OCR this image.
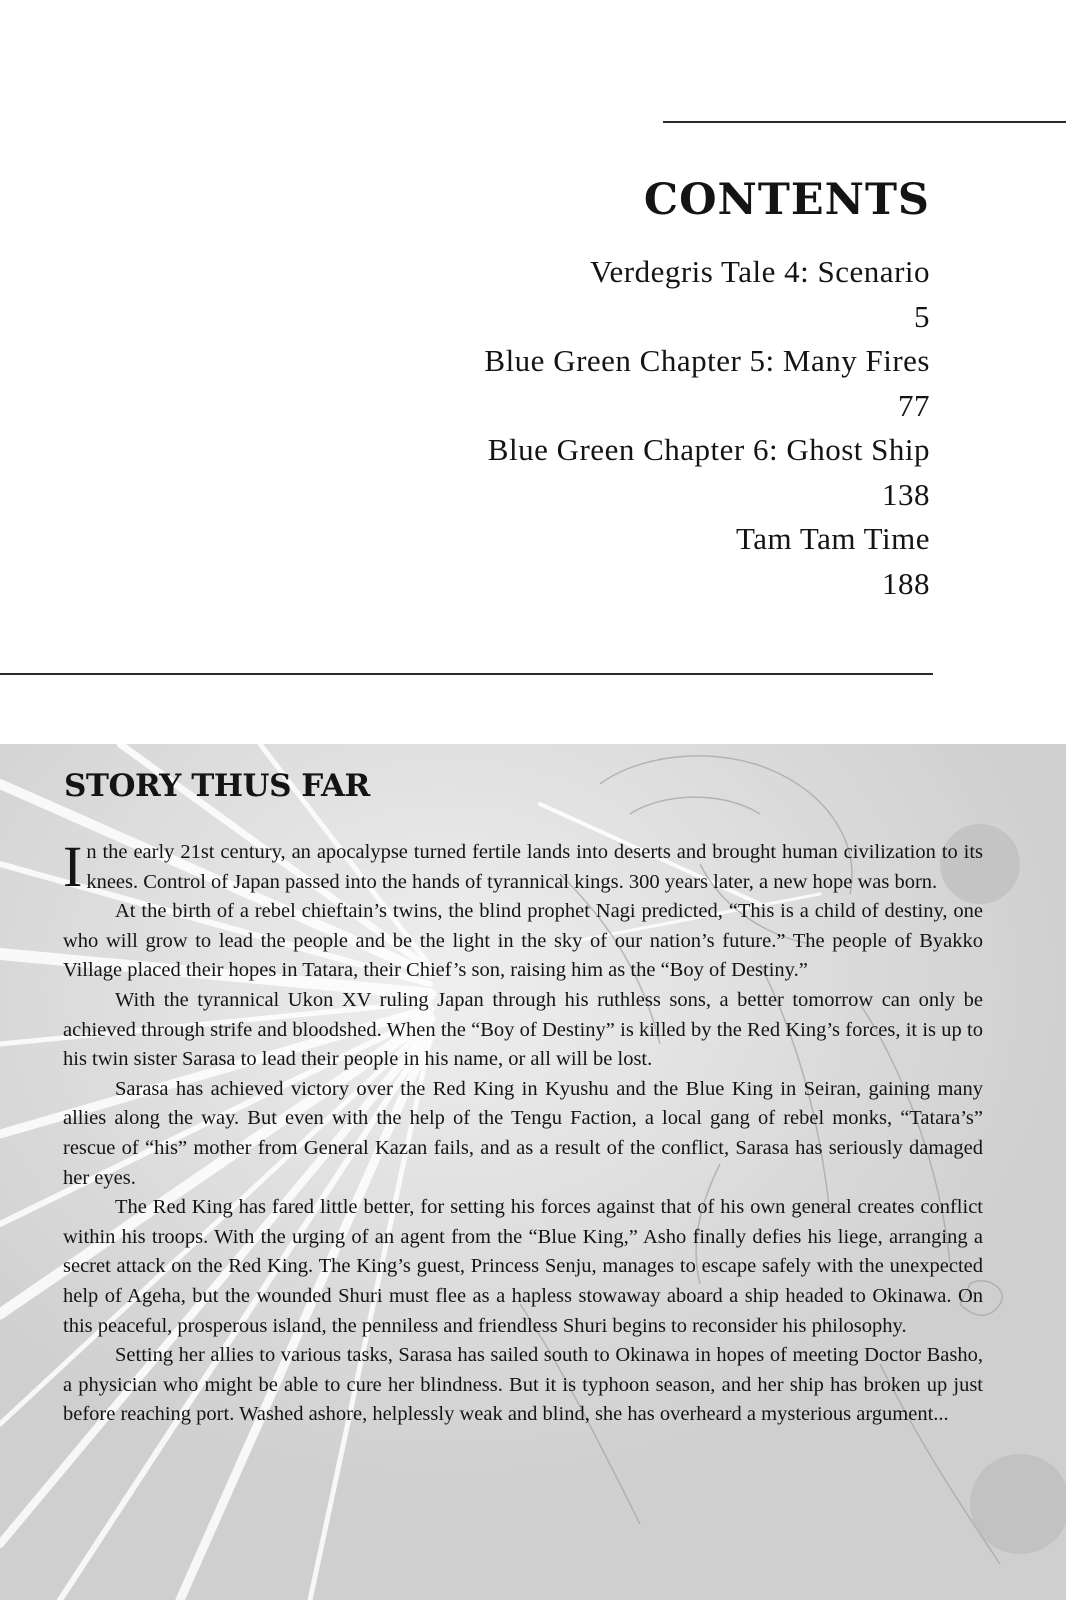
CONTENTS
Verdegris Tale 4: Scenario
5
Blue Green Chapter 5: Many Fires
77
Blue Green Chapter 6: Ghost Ship
138
Tam Tam Time
188
STORY THUS FAR

In the early 21st century, an apocalypse turned fertile lands into deserts and brought human civilization to its knees. Control of Japan passed into the hands of tyrannical kings. 300 years later, a new hope was born.

At the birth of a rebel chieftain’s twins, the blind prophet Nagi predicted, “This is a child of destiny, one who will grow to lead the people and be the light in the sky of our nation’s future.” The people of Byakko Village placed their hopes in Tatara, their Chief’s son, raising him as the “Boy of Destiny.”

With the tyrannical Ukon XV ruling Japan through his ruthless sons, a better tomorrow can only be achieved through strife and bloodshed. When the “Boy of Destiny” is killed by the Red King’s forces, it is up to his twin sister Sarasa to lead their people in his name, or all will be lost.

Sarasa has achieved victory over the Red King in Kyushu and the Blue King in Seiran, gaining many allies along the way. But even with the help of the Tengu Faction, a local gang of rebel monks, “Tatara’s” rescue of “his” mother from General Kazan fails, and as a result of the conflict, Sarasa has seriously damaged her eyes.

The Red King has fared little better, for setting his forces against that of his own general creates conflict within his troops. With the urging of an agent from the “Blue King,” Asho finally defies his liege, arranging a secret attack on the Red King. The King’s guest, Princess Senju, manages to escape safely with the unexpected help of Ageha, but the wounded Shuri must flee as a hapless stowaway aboard a ship headed to Okinawa. On this peaceful, prosperous island, the penniless and friendless Shuri begins to reconsider his philosophy.

Setting her allies to various tasks, Sarasa has sailed south to Okinawa in hopes of meeting Doctor Basho, a physician who might be able to cure her blindness. But it is typhoon season, and her ship has broken up just before reaching port. Washed ashore, helplessly weak and blind, she has overheard a mysterious argument...
